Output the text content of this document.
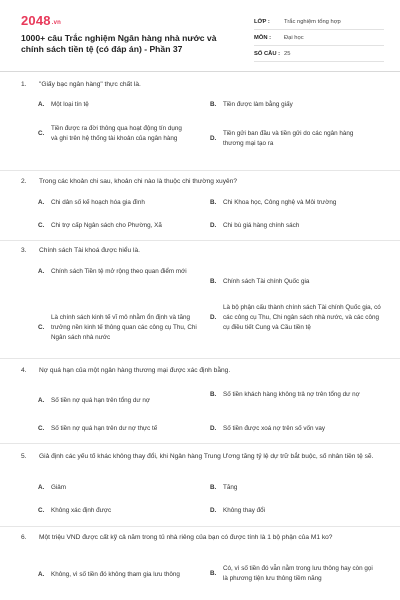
2048.vn
1000+ câu Trắc nghiệm Ngân hàng nhà nước và chính sách tiền tệ (có đáp án) - Phần 37
LỚP :	Trắc nghiệm tổng hợp
MÔN :	Đại học
SỐ CÂU : 25
1. "Giấy bạc ngân hàng" thực chất là.
A.	Một loại tín tệ	B.	Tiền được làm bằng giấy
C.
Tiền được ra đời thông qua hoạt động tín dụng và ghi trên hệ thống tài khoản của ngân hàng	D.
Tiền gửi ban đầu và tiền gửi do các ngân hàng thương mại tạo ra
2. Trong các khoản chi sau, khoản chi nào là thuộc chi thường xuyên?
A.	Chi dân số kế hoạch hóa gia đình	B.	Chi Khoa học, Công nghệ và Môi trường
C.	Chi trợ cấp Ngân sách cho Phường, Xã	D.	Chi bù giá hàng chính sách
3. Chính sách Tài khoá được hiểu là.
A.	Chính sách Tiền tệ mở rộng theo quan điểm mới
B.	Chính sách Tài chính Quốc gia
C.
Là chính sách kinh tế vĩ mô nhằm ổn định và tăng trưởng nền kinh tế thông quan các công cụ Thu, Chi Ngân sách nhà nước
D.
Là bộ phận cấu thành chính sách Tài chính Quốc gia, có các công cụ Thu, Chi ngân sách nhà nước, và các công cụ điều tiết Cung và Cầu tiền tệ
4. Nợ quá hạn của một ngân hàng thương mại được xác định bằng.
A.	Số tiền nợ quá hạn trên tổng dư nợ
B.	Số tiền khách hàng không trả nợ trên tổng dư nợ
C.	Số tiền nợ quá hạn trên dư nợ thực tế	D.	Số tiền được xoá nợ trên số vốn vay
5. Giả định các yếu tố khác không thay đổi, khi Ngân hàng Trung Ương tăng tỷ lệ dự trữ bắt buộc, số nhân tiền tệ sẽ.
A.	Giảm	B.	Tăng
C.	Không xác định được	D.	Không thay đổi
6. Một triệu VND được cất kỹ cả năm trong tủ nhà riêng của bạn có được tính là 1 bộ phận của M1 ko?
A.	Không, vì số tiền đó không tham gia lưu thông	B.
Có, vì số tiền đó vẫn nằm trong lưu thông hay còn gọi là phương tiện lưu thông tiềm năng
